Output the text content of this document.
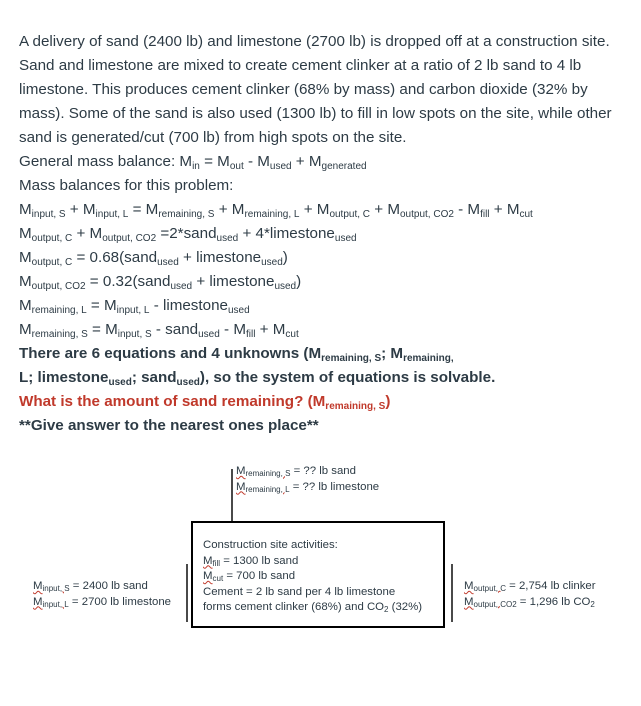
A delivery of sand (2400 lb) and limestone (2700 lb) is dropped off at a construction site. Sand and limestone are mixed to create cement clinker at a ratio of 2 lb sand to 4 lb limestone. This produces cement clinker (68% by mass) and carbon dioxide (32% by mass). Some of the sand is also used (1300 lb) to fill in low spots on the site, while other sand is generated/cut (700 lb) from high spots on the site.

General mass balance: $M_{in} = M_{out} - M_{used} + M_{generated}$

Mass balances for this problem:

$M_{input, S} + M_{input, L} = M_{remaining, S} + M_{remaining, L} + M_{output, C} + M_{output, CO2} - M_{fill} + M_{cut}$

$M_{output, C} + M_{output, CO2}$ =2*sand$_{used}$ + 4*limestone$_{used}$

$M_{output, C}$ = 0.68(sand$_{used}$ + limestone$_{used}$)

$M_{output, CO2}$ = 0.32(sand$_{used}$ + limestone$_{used}$)

$M_{remaining, L} = M_{input, L}$ - limestone$_{used}$

$M_{remaining, S} = M_{input, S}$ - sand$_{used}$ - $M_{fill} + M_{cut}$

There are 6 equations and 4 unknowns ($M_{remaining, S}$; $M_{remaining,}$
L; limestone$_{used}$; sand$_{used}$), so the system of equations is solvable.

What is the amount of sand remaining? $(M_{remaining, S})$

**Give answer to the nearest ones place**

$M_{remaining, S}$ = ?? lb sand
$M_{remaining, L}$ = ?? lb limestone
Construction site activities:
$M_{fill} = 1300$ lb sand
$M_{cut} = 700$ lb sand
Cement = 2 lb sand per 4 lb limestone
forms cement clinker (68%) and $CO_2$ (32%)
$M_{input, S} = 2400$ lb sand
$M_{input, L} = 2700$ lb limestone
$M_{output, C} = 2,754$ lb clinker
$M_{output, CO2} = 1,296$ lb $CO_2$
